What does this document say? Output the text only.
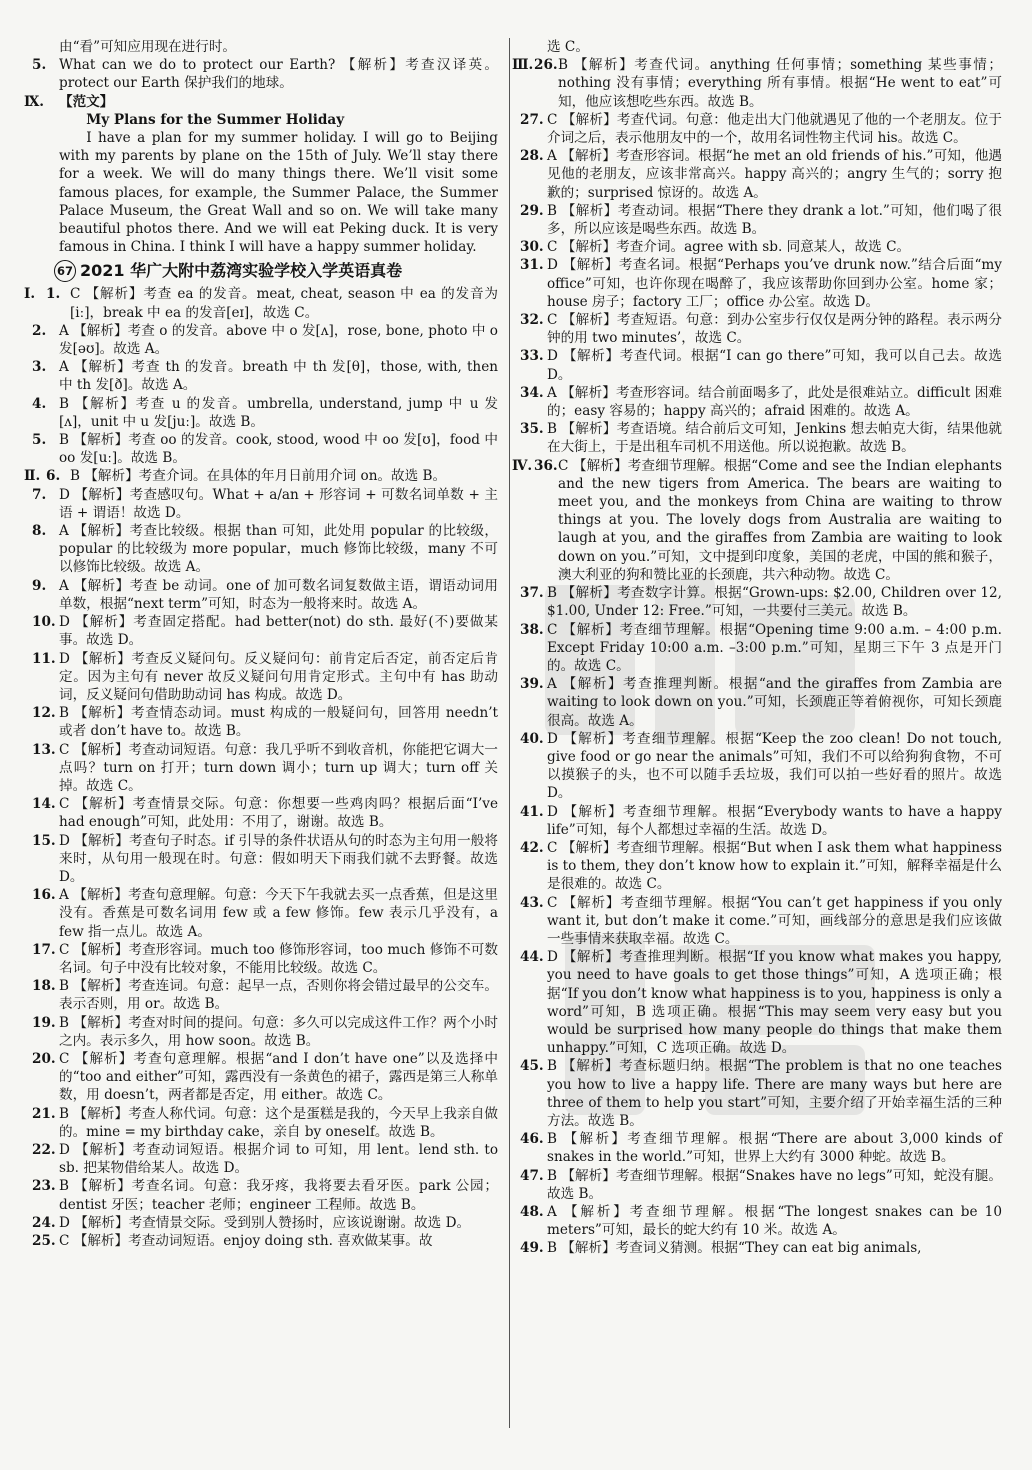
由“看”可知应用现在进行时。

5. What can we do to protect our Earth? 【解析】考查汉译英。protect our Earth 保护我们的地球。

Ⅸ. 【范文】

My Plans for the Summer Holiday

I have a plan for my summer holiday. I will go to Beijing with my parents by plane on the 15th of July. We’ll stay there for a week. We will do many things there. We’ll visit some famous places, for example, the Summer Palace, the Summer Palace Museum, the Great Wall and so on. We will take many beautiful photos there. And we will eat Peking duck. It is very famous in China. I think I will have a happy summer holiday.

67 2021 华广大附中荔湾实验学校入学英语真卷

1.
Ⅰ.	C 【解析】考查 ea 的发音。meat, cheat, season 中 ea 的发音为[iː]，break 中 ea 的发音[eɪ]，故选 C。

2. A 【解析】考查 o 的发音。above 中 o 发[ʌ]，rose, bone, photo 中 o 发[əʊ]。故选 A。

3. A 【解析】考查 th 的发音。breath 中 th 发[θ]，those, with, then 中 th 发[ð]。故选 A。

4. B 【解析】考查 u 的发音。umbrella, understand, jump 中 u 发[ʌ]，unit 中 u 发[juː]。故选 B。

5. B 【解析】考查 oo 的发音。cook, stood, wood 中 oo 发[ʊ]，food 中 oo 发[uː]。故选 B。

6.
Ⅱ. B 【解析】考查介词。在具体的年月日前用介词 on。故选 B。

7. D 【解析】考查感叹句。What + a/an + 形容词 + 可数名词单数 + 主语 + 谓语！故选 D。

8. A 【解析】考查比较级。根据 than 可知，此处用 popular 的比较级，popular 的比较级为 more popular，much 修饰比较级，many 不可以修饰比较级。故选 A。

9. A 【解析】考查 be 动词。one of 加可数名词复数做主语，谓语动词用单数，根据“next term”可知，时态为一般将来时。故选 A。

10. D 【解析】考查固定搭配。had better(not) do sth. 最好(不)要做某事。故选 D。

11. D 【解析】考查反义疑问句。反义疑问句：前肯定后否定，前否定后肯定。因为主句有 never 故反义疑问句用肯定形式。主句中有 has 助动词，反义疑问句借助助动词 has 构成。故选 D。

12. B 【解析】考查情态动词。must 构成的一般疑问句，回答用 needn’t 或者 don’t have to。故选 B。

13. C 【解析】考查动词短语。句意：我几乎听不到收音机，你能把它调大一点吗？turn on 打开；turn down 调小；turn up 调大；turn off 关掉。故选 C。

14. C 【解析】考查情景交际。句意：你想要一些鸡肉吗？根据后面“I’ve had enough”可知，此处用：不用了，谢谢。故选 B。

15. D 【解析】考查句子时态。if 引导的条件状语从句的时态为主句用一般将来时，从句用一般现在时。句意：假如明天下雨我们就不去野餐。故选 D。

16. A 【解析】考查句意理解。句意：今天下午我就去买一点香蕉，但是这里没有。香蕉是可数名词用 few 或 a few 修饰。few 表示几乎没有，a few 指一点儿。故选 A。

17. C 【解析】考查形容词。much too 修饰形容词，too much 修饰不可数名词。句子中没有比较对象，不能用比较级。故选 C。

18. B 【解析】考查连词。句意：起早一点，否则你将会错过最早的公交车。表示否则，用 or。故选 B。

19. B 【解析】考查对时间的提问。句意：多久可以完成这件工作？两个小时之内。表示多久，用 how soon。故选 B。

20. C 【解析】考查句意理解。根据“and I don’t have one”以及选择中的“too and either”可知，露西没有一条黄色的裙子，露西是第三人称单数，用 doesn’t，两者都是否定，用 either。故选 C。

21. B 【解析】考查人称代词。句意：这个是蛋糕是我的，今天早上我亲自做的。mine = my birthday cake，亲自 by oneself。故选 B。

22. D 【解析】考查动词短语。根据介词 to 可知，用 lent。lend sth. to sb. 把某物借给某人。故选 D。

23. B 【解析】考查名词。句意：我牙疼，我将要去看牙医。park 公园；dentist 牙医；teacher 老师；engineer 工程师。故选 B。

24. D 【解析】考查情景交际。受到别人赞扬时，应该说谢谢。故选 D。

25. C 【解析】考查动词短语。enjoy doing sth. 喜欢做某事。故

选 C。

26.
Ⅲ. B 【解析】考查代词。anything 任何事情；something 某些事情；nothing 没有事情；everything 所有事情。根据“He went to eat”可知，他应该想吃些东西。故选 B。

27. C 【解析】考查代词。句意：他走出大门他就遇见了他的一个老朋友。位于介词之后，表示他朋友中的一个，故用名词性物主代词 his。故选 C。

28. A 【解析】考查形容词。根据“he met an old friends of his.”可知，他遇见他的老朋友，应该非常高兴。happy 高兴的；angry 生气的；sorry 抱歉的；surprised 惊讶的。故选 A。

29. B 【解析】考查动词。根据“There they drank a lot.”可知，他们喝了很多，所以应该是喝些东西。故选 B。

30. C 【解析】考查介词。agree with sb. 同意某人，故选 C。

31. D 【解析】考查名词。根据“Perhaps you’ve drunk now.”结合后面“my office”可知，也许你现在喝醉了，我应该帮助你回到办公室。home 家；house 房子；factory 工厂；office 办公室。故选 D。

32. C 【解析】考查短语。句意：到办公室步行仅仅是两分钟的路程。表示两分钟的用 two minutes’，故选 C。

33. D 【解析】考查代词。根据“I can go there”可知，我可以自己去。故选 D。

34. A 【解析】考查形容词。结合前面喝多了，此处是很难站立。difficult 困难的；easy 容易的；happy 高兴的；afraid 困难的。故选 A。

35. B 【解析】考查语境。结合前后文可知，Jenkins 想去帕克大街，结果他就在大街上，于是出租车司机不用送他。所以说抱歉。故选 B。

36.
Ⅳ. C 【解析】考查细节理解。根据“Come and see the Indian elephants and the new tigers from America. The bears are waiting to meet you, and the monkeys from China are waiting to throw things at you. The lovely dogs from Australia are waiting to laugh at you, and the giraffes from Zambia are waiting to look down on you.”可知，文中提到印度象，美国的老虎，中国的熊和猴子，澳大利亚的狗和赞比亚的长颈鹿，共六种动物。故选 C。

37. B 【解析】考查数字计算。根据“Grown-ups: $2.00, Children over 12, $1.00, Under 12: Free.”可知，一共要付三美元。故选 B。

38. C 【解析】考查细节理解。根据“Opening time 9:00 a.m. – 4:00 p.m. Except Friday 10:00 a.m. –3:00 p.m.”可知，星期三下午 3 点是开门的。故选 C。

39. A 【解析】考查推理判断。根据“and the giraffes from Zambia are waiting to look down on you.”可知，长颈鹿正等着俯视你，可知长颈鹿很高。故选 A。

40. D 【解析】考查细节理解。根据“Keep the zoo clean! Do not touch, give food or go near the animals”可知，我们不可以给狗狗食物，不可以摸猴子的头，也不可以随手丢垃圾，我们可以拍一些好看的照片。故选 D。

41. D 【解析】考查细节理解。根据“Everybody wants to have a happy life”可知，每个人都想过幸福的生活。故选 D。

42. C 【解析】考查细节理解。根据“But when I ask them what happiness is to them, they don’t know how to explain it.”可知，解释幸福是什么是很难的。故选 C。

43. C 【解析】考查细节理解。根据“You can’t get happiness if you only want it, but don’t make it come.”可知，画线部分的意思是我们应该做一些事情来获取幸福。故选 C。

44. D 【解析】考查推理判断。根据“If you know what makes you happy, you need to have goals to get those things”可知，A 选项正确；根据“If you don’t know what happiness is to you, happiness is only a word”可知，B 选项正确。根据“This may seem very easy but you would be surprised how many people do things that make them unhappy.”可知，C 选项正确。故选 D。

45. B 【解析】考查标题归纳。根据“The problem is that no one teaches you how to live a happy life. There are many ways but here are three of them to help you start”可知，主要介绍了开始幸福生活的三种方法。故选 B。

46. B 【解析】考查细节理解。根据“There are about 3,000 kinds of snakes in the world.”可知，世界上大约有 3000 种蛇。故选 B。

47. B 【解析】考查细节理解。根据“Snakes have no legs”可知，蛇没有腿。故选 B。

48. A 【解析】考查细节理解。根据“The longest snakes can be 10 meters”可知，最长的蛇大约有 10 米。故选 A。

49. B 【解析】考查词义猜测。根据“They can eat big animals,
